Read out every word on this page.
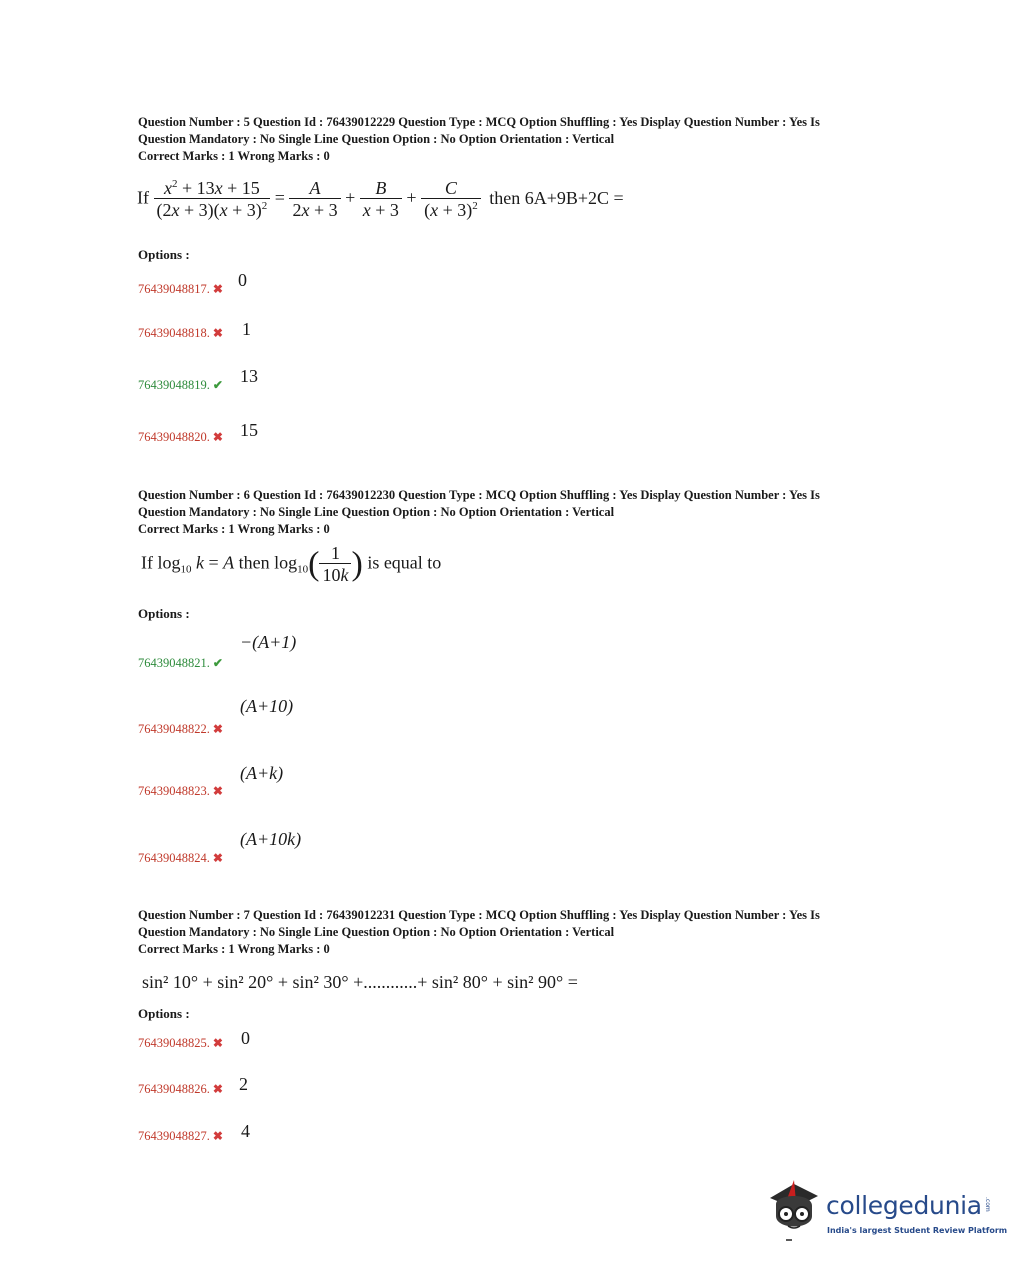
Question Number : 5 Question Id : 76439012229 Question Type : MCQ Option Shuffling : Yes Display Question Number : Yes Is
Question Mandatory : No Single Line Question Option : No Option Orientation : Vertical
Correct Marks : 1 Wrong Marks : 0
If $\frac{x^2 + 13x + 15}{(2x + 3)(x + 3)^2} = \frac{A}{2x + 3} + \frac{B}{x + 3} + \frac{C}{(x + 3)^2}$ then 6A+9B+2C =
Options :
76439048817. ✖ 0
76439048818. ✖ 1
76439048819. ✔ 13
76439048820. ✖ 15
Question Number : 6 Question Id : 76439012230 Question Type : MCQ Option Shuffling : Yes Display Question Number : Yes Is
Question Mandatory : No Single Line Question Option : No Option Orientation : Vertical
Correct Marks : 1 Wrong Marks : 0
If $\log_{10} k = A$ then $\log_{10}( \frac{1}{10k}$ ) is equal to
Options :
76439048821. ✔
−(A+1)
76439048822. ✖
(A+10)
76439048823. ✖
(A+k)
76439048824. ✖
(A+10k)
Question Number : 7 Question Id : 76439012231 Question Type : MCQ Option Shuffling : Yes Display Question Number : Yes Is
Question Mandatory : No Single Line Question Option : No Option Orientation : Vertical
Correct Marks : 1 Wrong Marks : 0
sin² 10° + sin² 20° + sin² 30° +............+ sin² 80° + sin² 90° =
Options :
76439048825. ✖ 0
76439048826. ✖ 2
76439048827. ✖ 4
collegedunia .com
India's largest Student Review Platform
